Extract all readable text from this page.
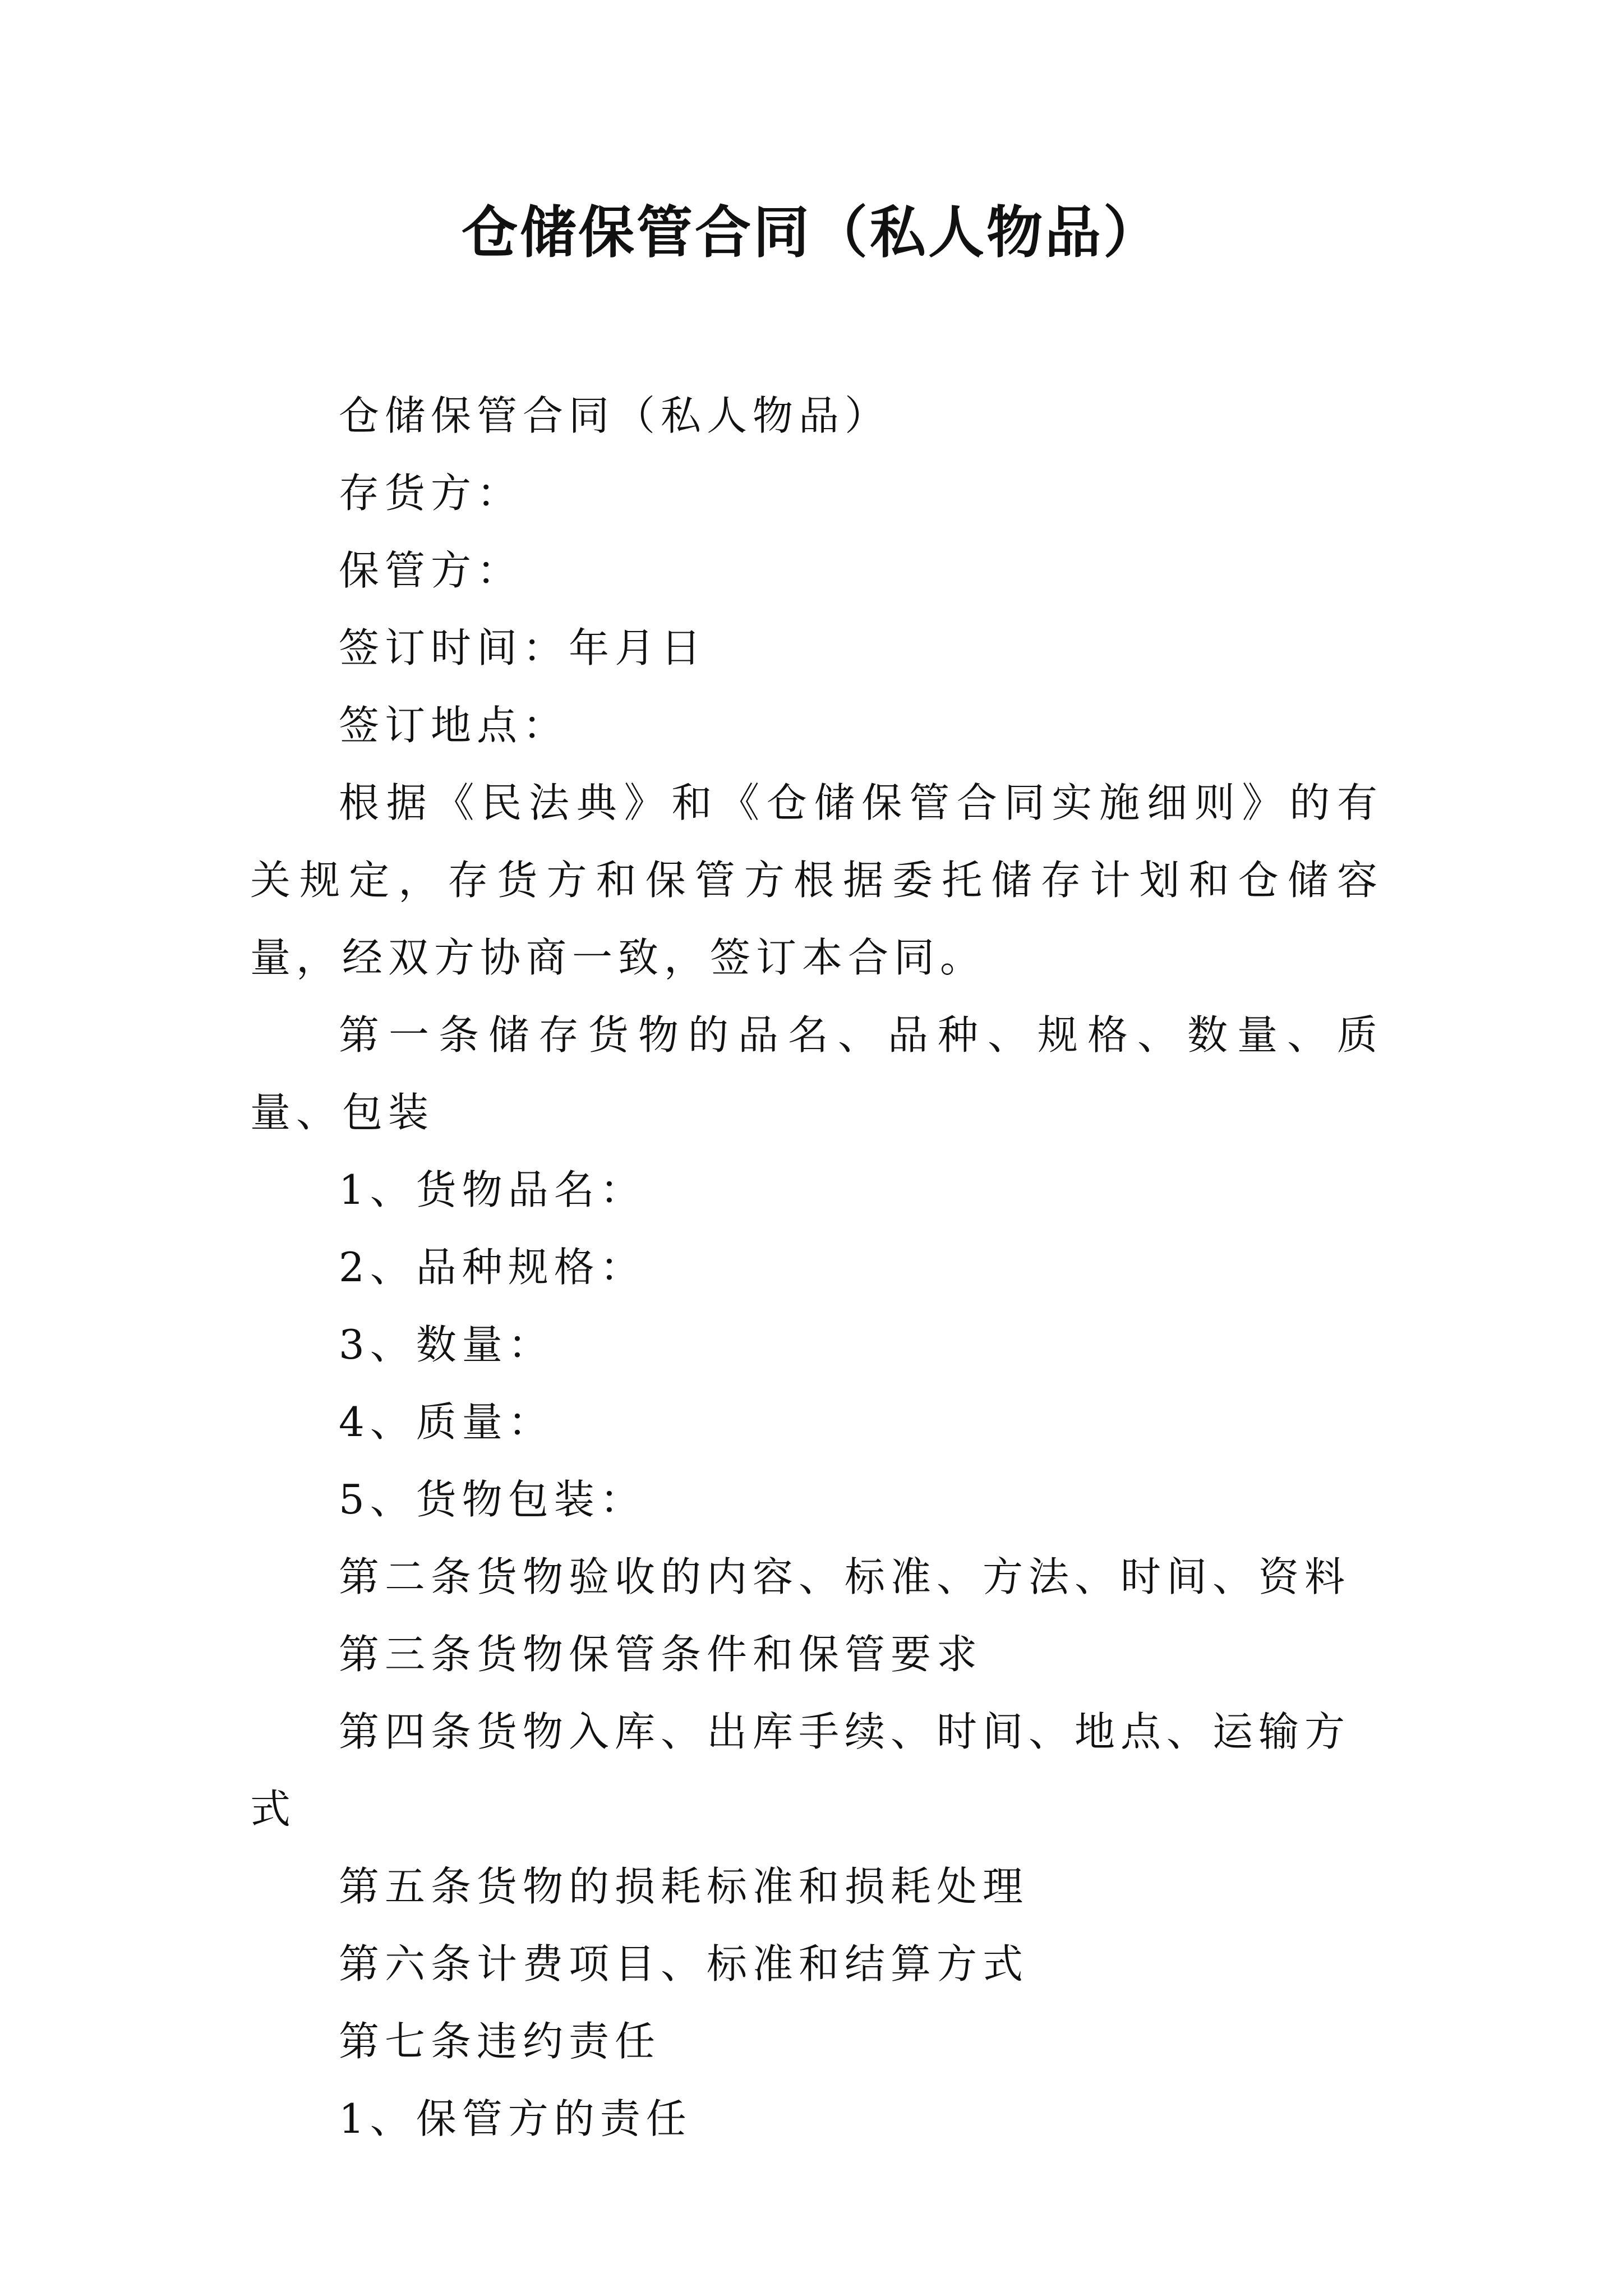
仓储保管合同（私人物品）

仓储保管合同（私人物品）

存货方：

保管方：

签订时间：年月日

签订地点：

根据《民法典》和《仓储保管合同实施细则》的有关规定，存货方和保管方根据委托储存计划和仓储容量，经双方协商一致，签订本合同。

第一条储存货物的品名、品种、规格、数量、质量、包装

1、货物品名：

2、品种规格：

3、数量：

4、质量：

5、货物包装：

第二条货物验收的内容、标准、方法、时间、资料

第三条货物保管条件和保管要求

第四条货物入库、出库手续、时间、地点、运输方式

第五条货物的损耗标准和损耗处理

第六条计费项目、标准和结算方式

第七条违约责任

1、保管方的责任
